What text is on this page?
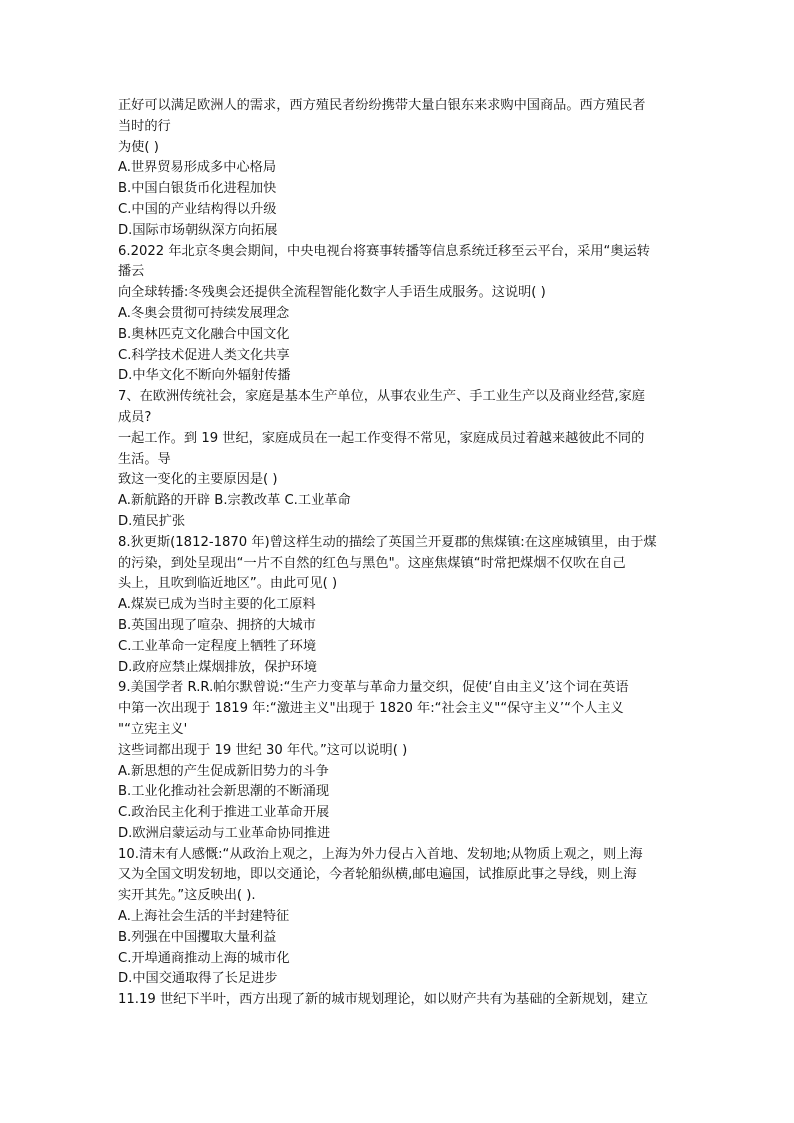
正好可以满足欧洲人的需求，西方殖民者纷纷携带大量白银东来求购中国商品。西方殖民者
当时的行
为使( )
A.世界贸易形成多中心格局
B.中国白银货币化进程加快
C.中国的产业结构得以升级
D.国际市场朝纵深方向拓展
6.2022 年北京冬奥会期间，中央电视台将赛事转播等信息系统迁移至云平台，采用“奥运转
播云
向全球转播:冬残奥会还提供全流程智能化数字人手语生成服务。这说明( )
A.冬奥会贯彻可持续发展理念
B.奥林匹克文化融合中国文化
C.科学技术促进人类文化共享
D.中华文化不断向外辐射传播
7、在欧洲传统社会，家庭是基本生产单位，从事农业生产、手工业生产以及商业经营,家庭
成员?
一起工作。到 19 世纪，家庭成员在一起工作变得不常见，家庭成员过着越来越彼此不同的
生活。导
致这一变化的主要原因是( )
A.新航路的开辟 B.宗教改革 C.工业革命
D.殖民扩张
8.狄更斯(1812-1870 年)曾这样生动的描绘了英国兰开夏郡的焦煤镇:在这座城镇里，由于煤
的污染，到处呈现出“一片不自然的红色与黑色"。这座焦煤镇“时常把煤烟不仅吹在自己
头上，且吹到临近地区”。由此可见( )
A.煤炭已成为当时主要的化工原料
B.英国出现了喧杂、拥挤的大城市
C.工业革命一定程度上牺牲了环境
D.政府应禁止煤烟排放，保护环境
9.美国学者 R.R.帕尔默曾说:“生产力变革与革命力量交织，促使‘自由主义’这个词在英语
中第一次出现于 1819 年:“激进主义"出现于 1820 年:“社会主义"“保守主义’“个人主义
"“立宪主义'
这些词都出现于 19 世纪 30 年代。”这可以说明( )
A.新思想的产生促成新旧势力的斗争
B.工业化推动社会新思潮的不断涌现
C.政治民主化利于推进工业革命开展
D.欧洲启蒙运动与工业革命协同推进
10.清末有人感慨:“从政治上观之，上海为外力侵占入首地、发轫地;从物质上观之，则上海
又为全国文明发轫地，即以交通论，今者轮船纵横,邮电遍国，试推原此事之导线，则上海
实开其先。”这反映出( ).
A.上海社会生活的半封建特征
B.列强在中国攫取大量利益
C.开埠通商推动上海的城市化
D.中国交通取得了长足进步
11.19 世纪下半叶，西方出现了新的城市规划理论，如以财产共有为基础的全新规划，建立
